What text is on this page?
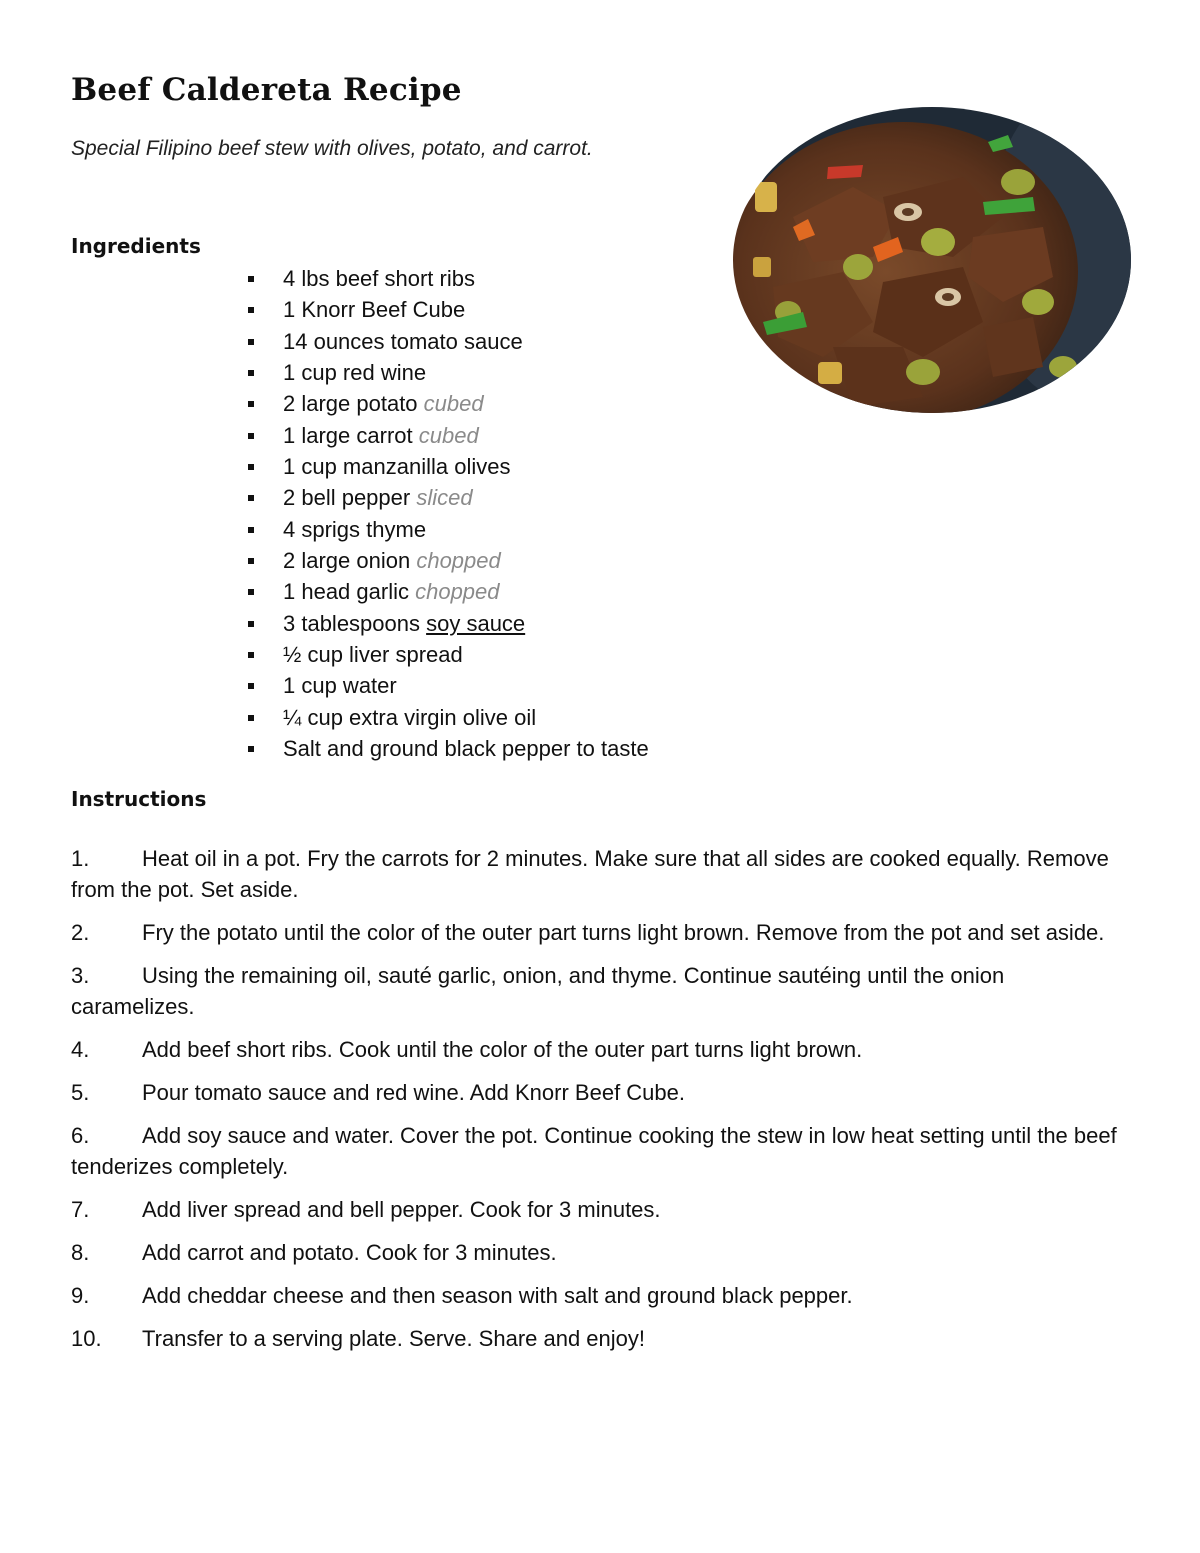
Beef Caldereta Recipe

Special Filipino beef stew with olives, potato, and carrot.

Ingredients
4 lbs beef short ribs
1 Knorr Beef Cube
14 ounces tomato sauce
1 cup red wine
2 large potato cubed
1 large carrot cubed
1 cup manzanilla olives
2 bell pepper sliced
4 sprigs thyme
2 large onion chopped
1 head garlic chopped
3 tablespoons soy sauce
½ cup liver spread
1 cup water
¼ cup extra virgin olive oil
Salt and ground black pepper to taste
Instructions
1. Heat oil in a pot. Fry the carrots for 2 minutes. Make sure that all sides are cooked equally. Remove from the pot. Set aside.
2. Fry the potato until the color of the outer part turns light brown. Remove from the pot and set aside.
3. Using the remaining oil, sauté garlic, onion, and thyme. Continue sautéing until the onion caramelizes.
4. Add beef short ribs. Cook until the color of the outer part turns light brown.
5. Pour tomato sauce and red wine. Add Knorr Beef Cube.
6. Add soy sauce and water. Cover the pot. Continue cooking the stew in low heat setting until the beef tenderizes completely.
7. Add liver spread and bell pepper. Cook for 3 minutes.
8. Add carrot and potato. Cook for 3 minutes.
9. Add cheddar cheese and then season with salt and ground black pepper.
10. Transfer to a serving plate. Serve. Share and enjoy!
